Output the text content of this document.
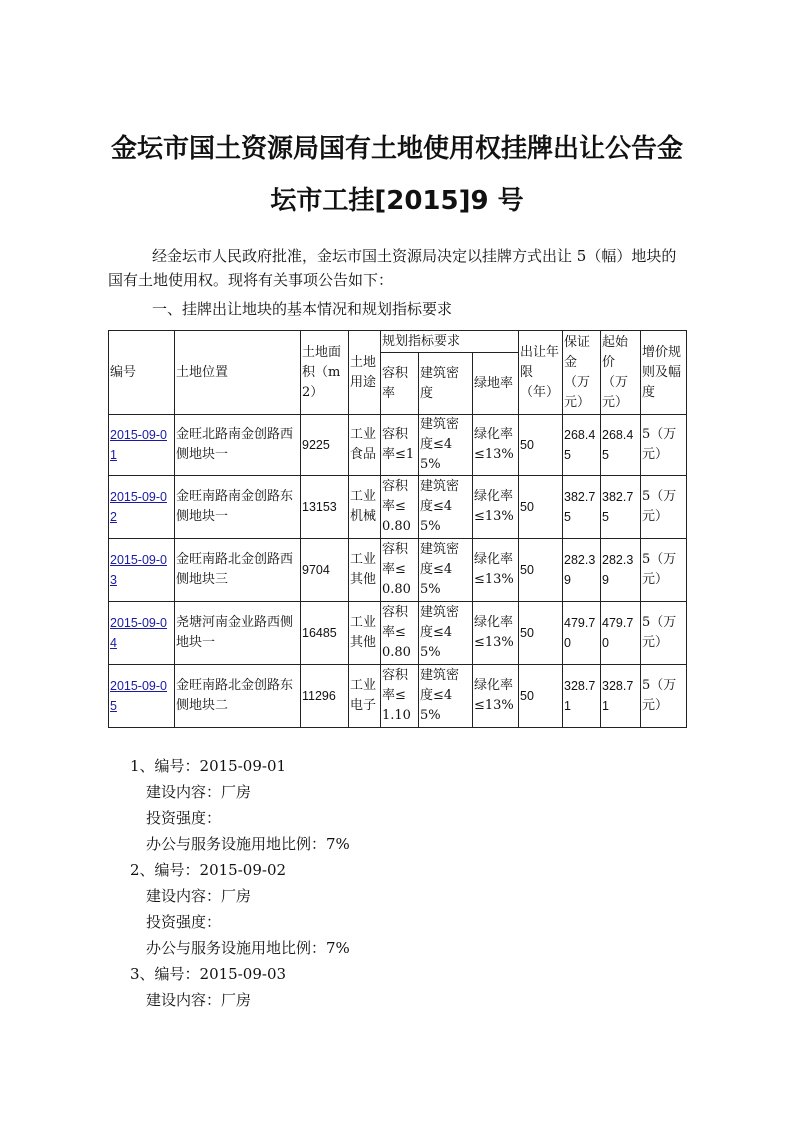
金坛市国土资源局国有土地使用权挂牌出让公告金
坛市工挂[2015]9 号
经金坛市人民政府批准，金坛市国土资源局决定以挂牌方式出让 5（幅）地块的国有土地使用权。现将有关事项公告如下：
一、挂牌出让地块的基本情况和规划指标要求
编号	土地位置	土地面积（m2）	土地用途	规划指标要求			出让年限（年）	保证金（万元）	起始价（万元）	增价规则及幅度
				容积率	建筑密度	绿地率				
2015-09-01	金旺北路南金创路西侧地块一	9225	工业食品	容积率≤1	建筑密度≤45%	绿化率≤13%	50	268.45	268.45	5（万元）
2015-09-02	金旺南路南金创路东侧地块一	13153	工业机械	容积率≤0.80	建筑密度≤45%	绿化率≤13%	50	382.75	382.75	5（万元）
2015-09-03	金旺南路北金创路西侧地块三	9704	工业其他	容积率≤0.80	建筑密度≤45%	绿化率≤13%	50	282.39	282.39	5（万元）
2015-09-04	尧塘河南金业路西侧地块一	16485	工业其他	容积率≤0.80	建筑密度≤45%	绿化率≤13%	50	479.70	479.70	5（万元）
2015-09-05	金旺南路北金创路东侧地块二	11296	工业电子	容积率≤1.10	建筑密度≤45%	绿化率≤13%	50	328.71	328.71	5（万元）
1、编号：2015-09-01
建设内容：厂房
投资强度：
办公与服务设施用地比例：7%
2、编号：2015-09-02
建设内容：厂房
投资强度：
办公与服务设施用地比例：7%
3、编号：2015-09-03
建设内容：厂房
